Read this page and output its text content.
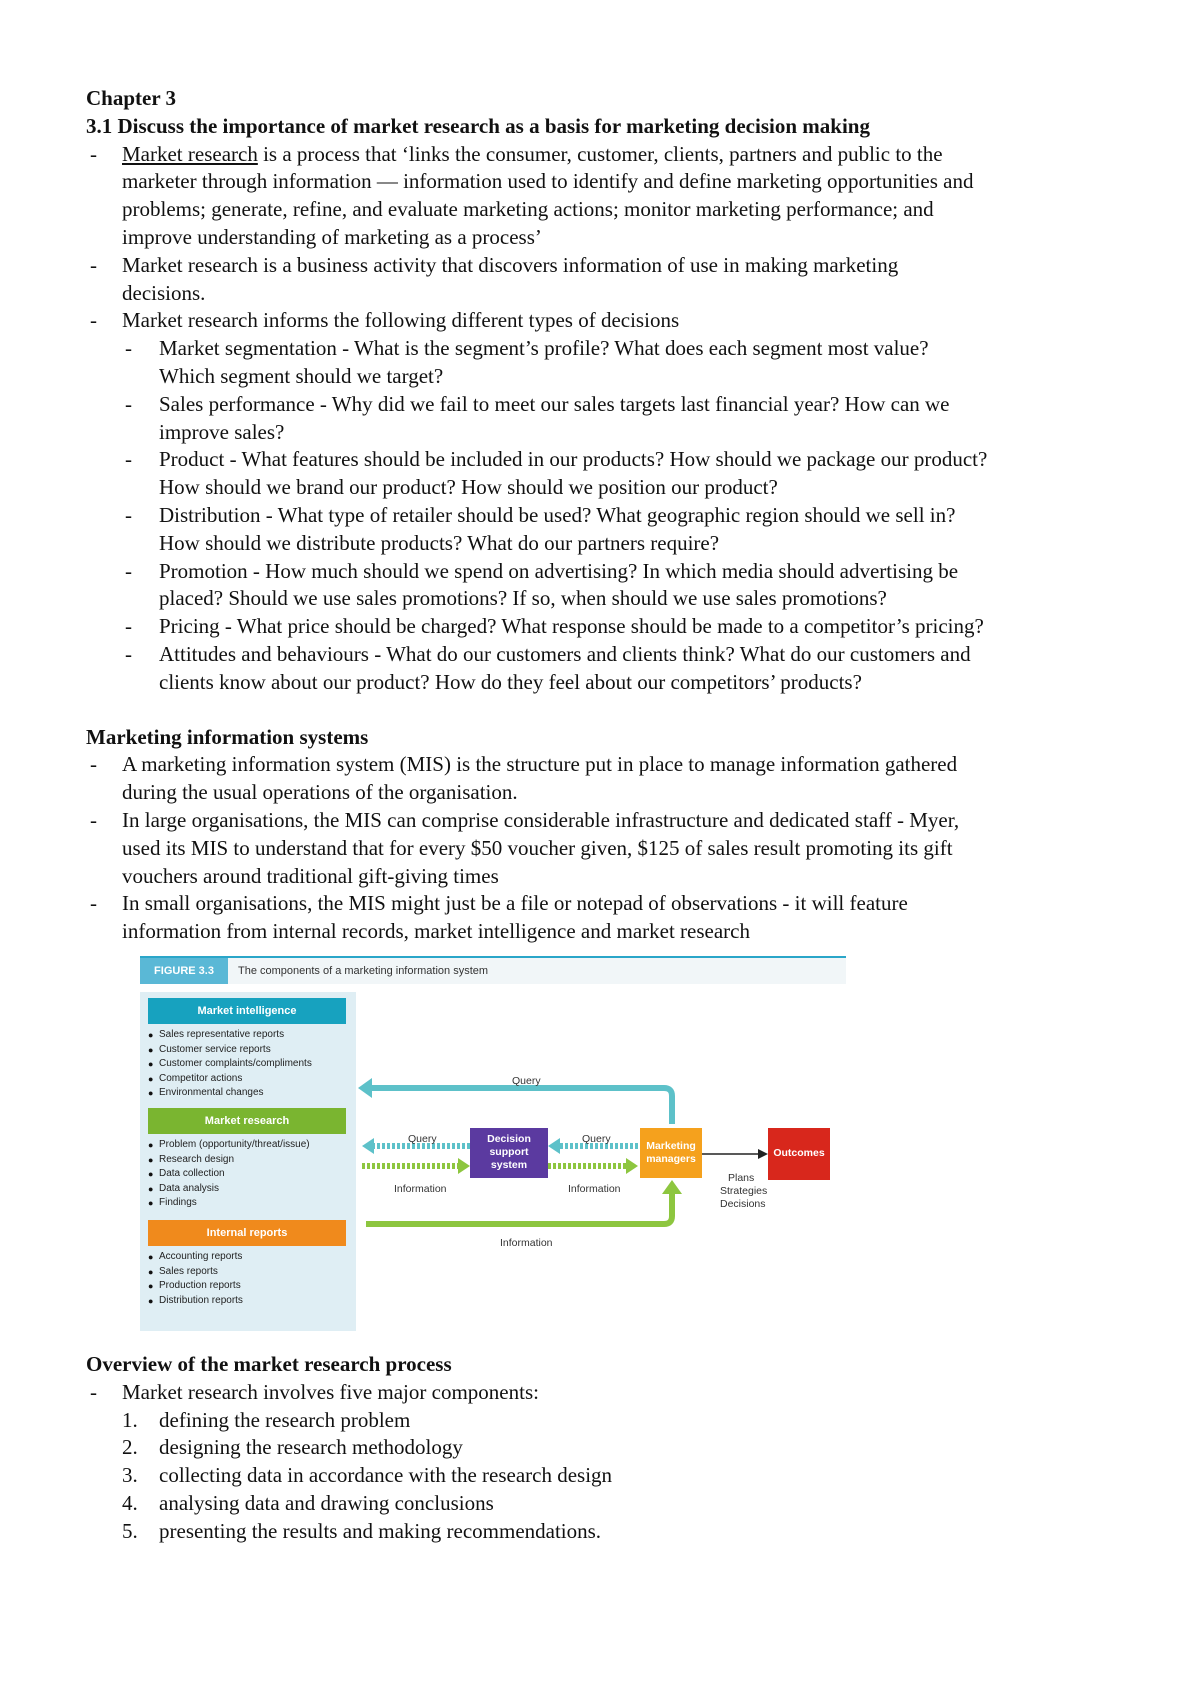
Chapter 3
3.1 Discuss the importance of market research as a basis for marketing decision making
- Market research is a process that ‘links the consumer, customer, clients, partners and public to the
marketer through information — information used to identify and define marketing opportunities and
problems; generate, refine, and evaluate marketing actions; monitor marketing performance; and
improve understanding of marketing as a process’
- Market research is a business activity that discovers information of use in making marketing
decisions.
- Market research informs the following different types of decisions
- Market segmentation - What is the segment’s profile? What does each segment most value?
Which segment should we target?
- Sales performance - Why did we fail to meet our sales targets last financial year? How can we
improve sales?
- Product - What features should be included in our products? How should we package our product?
How should we brand our product? How should we position our product?
- Distribution - What type of retailer should be used? What geographic region should we sell in?
How should we distribute products? What do our partners require?
- Promotion - How much should we spend on advertising? In which media should advertising be
placed? Should we use sales promotions? If so, when should we use sales promotions?
- Pricing - What price should be charged? What response should be made to a competitor’s pricing?
- Attitudes and behaviours - What do our customers and clients think? What do our customers and
clients know about our product? How do they feel about our competitors’ products?
Marketing information systems
- A marketing information system (MIS) is the structure put in place to manage information gathered
during the usual operations of the organisation.
- In large organisations, the MIS can comprise considerable infrastructure and dedicated staff - Myer,
used its MIS to understand that for every $50 voucher given, $125 of sales result promoting its gift
vouchers around traditional gift-giving times
- In small organisations, the MIS might just be a file or notepad of observations - it will feature
information from internal records, market intelligence and market research
FIGURE 3.3	The components of a marketing information system
Market intelligence
● Sales representative reports
● Customer service reports
● Customer complaints/compliments
● Competitor actions
● Environmental changes
Market research
● Problem (opportunity/threat/issue)
● Research design
● Data collection
● Data analysis
● Findings
Internal reports
● Accounting reports
● Sales reports
● Production reports
● Distribution reports
Decision support system
Marketing managers	Outcomes
Query
Query	Query
Information	Information
Information
Plans
Strategies
Decisions
Overview of the market research process
- Market research involves five major components:
1. defining the research problem
2. designing the research methodology
3. collecting data in accordance with the research design
4. analysing data and drawing conclusions
5. presenting the results and making recommendations.
